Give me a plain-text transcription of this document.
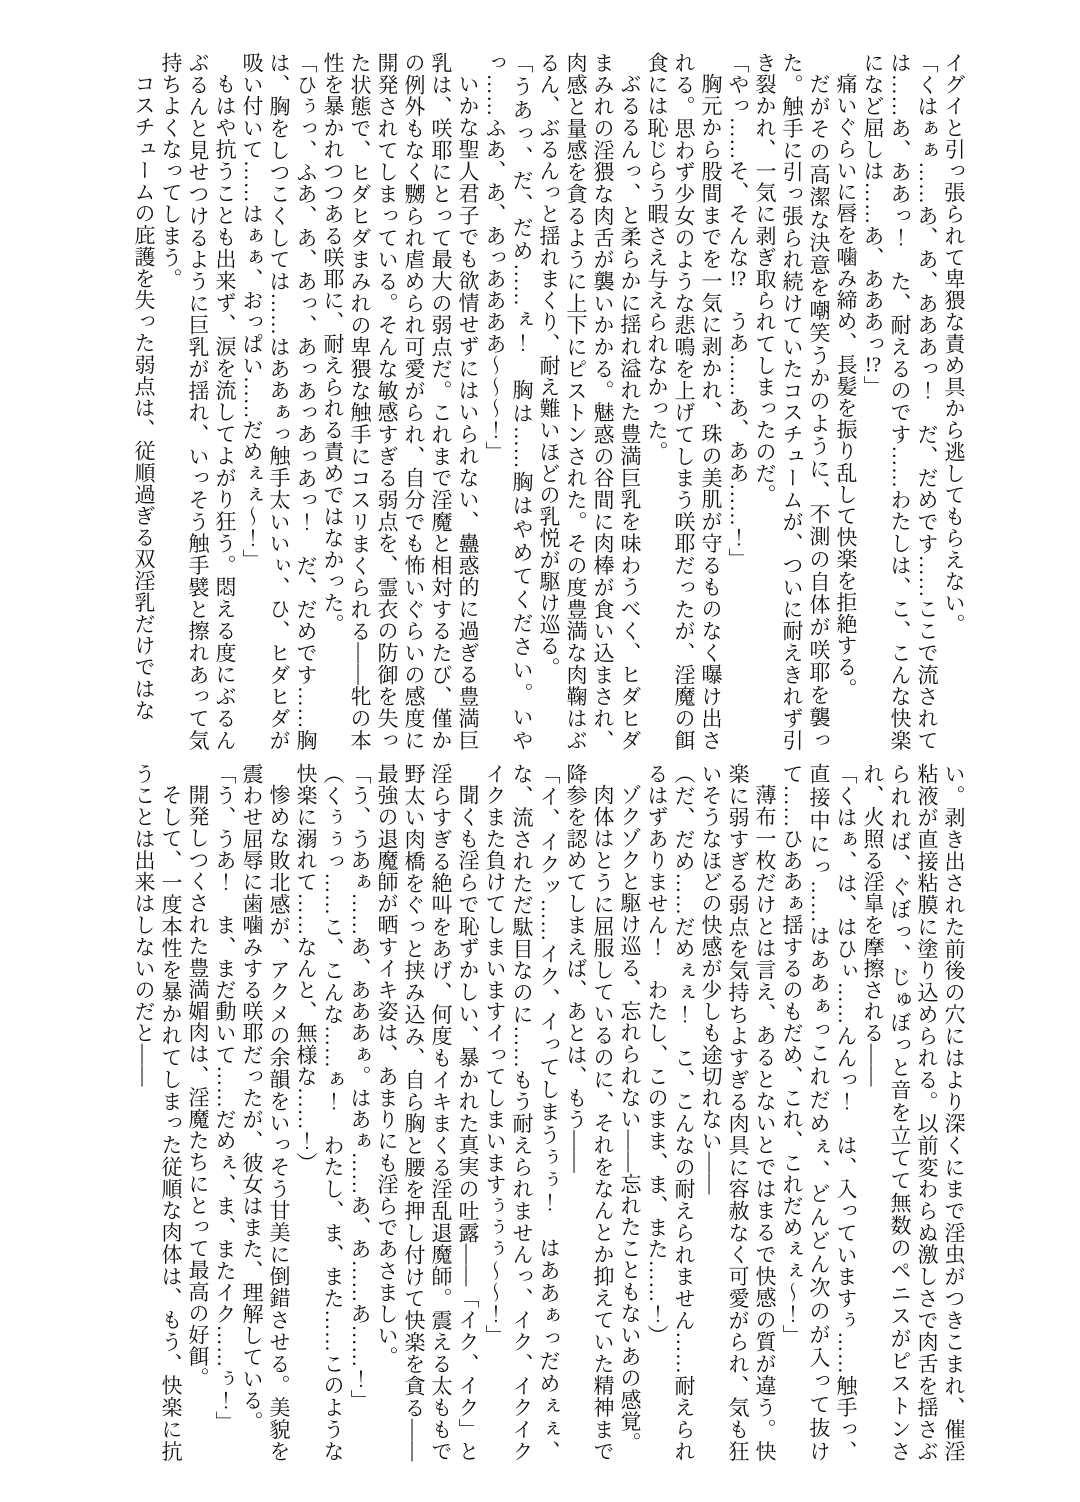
イグイと引っ張られて卑猥な責め具から逃してもらえない。

「くはぁぁ……あ、あ、あああっ！　だ、だめです……ここで流されては……あ、ああっ！　た、耐えるのです……わたしは、こ、こんな快楽になど屈しは……あ、あああっ!?」

痛いぐらいに唇を噛み締め、長髪を振り乱して快楽を拒絶する。

だがその高潔な決意を嘲笑うかのように、不測の自体が咲耶を襲った。触手に引っ張られ続けていたコスチュームが、ついに耐えきれず引き裂かれ、一気に剥ぎ取られてしまったのだ。

「やっ……そ、そんな!?　うあ……あ、ああ……！」

胸元から股間までを一気に剥かれ、珠の美肌が守るものなく曝け出される。思わず少女のような悲鳴を上げてしまう咲耶だったが、淫魔の餌食には恥じらう暇さえ与えられなかった。

ぶるるんっ、と柔らかに揺れ溢れた豊満巨乳を味わうべく、ヒダヒダまみれの淫猥な肉舌が襲いかかる。魅惑の谷間に肉棒が食い込まされ、肉感と量感を貪るように上下にピストンされた。その度豊満な肉鞠はぶるん、ぶるんっと揺れまくり、耐え難いほどの乳悦が駆け巡る。

「うあっ、だ、だめ……ぇ！　胸は……胸はやめてください。いやっ……ふあ、あ、あっああああ～～～！」

いかな聖人君子でも欲情せずにはいられない、蠱惑的に過ぎる豊満巨乳は、咲耶にとって最大の弱点だ。これまで淫魔と相対するたび、僅かの例外もなく嬲られ虐められ可愛がられ、自分でも怖いぐらいの感度に開発されてしまっている。そんな敏感すぎる弱点を、霊衣の防御を失った状態で、ヒダヒダまみれの卑猥な触手にコスリまくられる――牝の本性を暴かれつつある咲耶に、耐えられる責めではなかった。

「ひぅっ、ふあ、あ、あっ、あっあっあっあっ！　だ、だめです……胸は、胸をしつこくしては……はああぁっ触手太いいぃ、ひ、ヒダヒダが吸い付いて……はぁぁ、おっぱい……だめぇぇ～！」

もはや抗うことも出来ず、涙を流してよがり狂う。悶える度にぶるんぶるんと見せつけるように巨乳が揺れ、いっそう触手襞と擦れあって気持ちよくなってしまう。

コスチュームの庇護を失った弱点は、従順過ぎる双淫乳だけではな

い。剥き出された前後の穴にはより深くにまで淫虫がつきこまれ、催淫粘液が直接粘膜に塗り込められる。以前変わらぬ激しさで肉舌を揺さぶられれば、ぐぼっ、じゅぼっと音を立てて無数のペニスがピストンされ、火照る淫皐を摩擦される――

「くはぁ、は、はひぃ……んんっ！　は、入っていますぅ……触手っ、直接中にっ……はああぁっこれだめぇ、どんどん次のが入って抜けて……ひああぁ揺するのもだめ、これ、これだめぇぇ～！」

薄布一枚だけとは言え、あるとないとではまるで快感の質が違う。快楽に弱すぎる弱点を気持ちよすぎる肉具に容赦なく可愛がられ、気も狂いそうなほどの快感が少しも途切れない――

（だ、だめ……だめぇぇ！　こ、こんなの耐えられません……耐えられるはずありません！　わたし、このまま、ま、また……！）

ゾクゾクと駆け巡る、忘れられない――忘れたこともないあの感覚。

肉体はとうに屈服しているのに、それをなんとか抑えていた精神まで降参を認めてしまえば、あとは、もう――

「イ、イクッ……イク、イってしまうぅぅ！　はああぁっだめぇぇ、な、流されただ駄目なのに……もう耐えられませんっ、イク、イクイクイクまた負けてしまいますイってしまいますぅぅぅ～～！」

聞くも淫らで恥ずかしい、暴かれた真実の吐露――「イク、イク」と淫らすぎる絶叫をあげ、何度もイキまくる淫乱退魔師。震える太ももで野太い肉橋をぐっと挟み込み、自ら胸と腰を押し付けて快楽を貪る――最強の退魔師が晒すイキ姿は、あまりにも淫らであさましい。

「う、うあぁ……あ、あああぁ。はあぁ……あ、あ……あ……！」

（くぅぅっ……こ、こんな……ぁ！　わたし、ま、また……このような快楽に溺れて……なんと、無様な……！）

惨めな敗北感が、アクメの余韻をいっそう甘美に倒錯させる。美貌を震わせ屈辱に歯噛みする咲耶だったが、彼女はまた、理解している。

「う、うあ！　ま、まだ動いて……だめぇ、ま、またイク……ぅ！」

開発しつくされた豊満媚肉は、淫魔たちにとって最高の好餌。

そして、一度本性を暴かれてしまった従順な肉体は、もう、快楽に抗うことは出来はしないのだと――
